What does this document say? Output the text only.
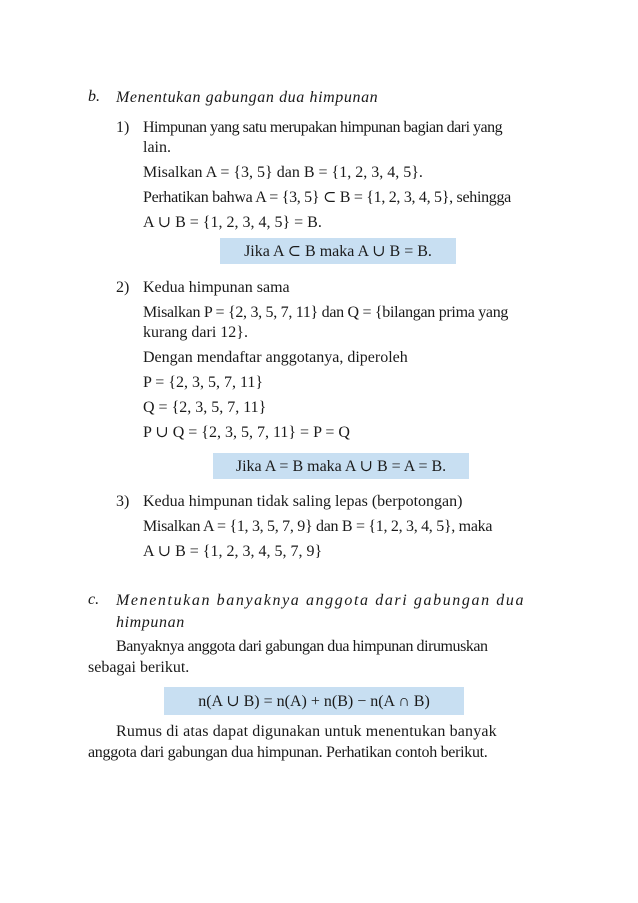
b. Menentukan gabungan dua himpunan
1) Himpunan yang satu merupakan himpunan bagian dari yang
lain.
Misalkan A = {3, 5} dan B = {1, 2, 3, 4, 5}.
Perhatikan bahwa A = {3, 5} ⊂ B = {1, 2, 3, 4, 5}, sehingga
A ∪ B = {1, 2, 3, 4, 5} = B.
Jika A ⊂ B maka A ∪ B = B.
2) Kedua himpunan sama
Misalkan P = {2, 3, 5, 7, 11} dan Q = {bilangan prima yang
kurang dari 12}.
Dengan mendaftar anggotanya, diperoleh
P = {2, 3, 5, 7, 11}
Q = {2, 3, 5, 7, 11}
P ∪ Q = {2, 3, 5, 7, 11} = P = Q
Jika A = B maka A ∪ B = A = B.
3) Kedua himpunan tidak saling lepas (berpotongan)
Misalkan A = {1, 3, 5, 7, 9} dan B = {1, 2, 3, 4, 5}, maka
A ∪ B = {1, 2, 3, 4, 5, 7, 9}
c. Menentukan banyaknya anggota dari gabungan dua
himpunan
Banyaknya anggota dari gabungan dua himpunan dirumuskan
sebagai berikut.
n(A ∪ B) = n(A) + n(B) − n(A ∩ B)
Rumus di atas dapat digunakan untuk menentukan banyak
anggota dari gabungan dua himpunan. Perhatikan contoh berikut.
